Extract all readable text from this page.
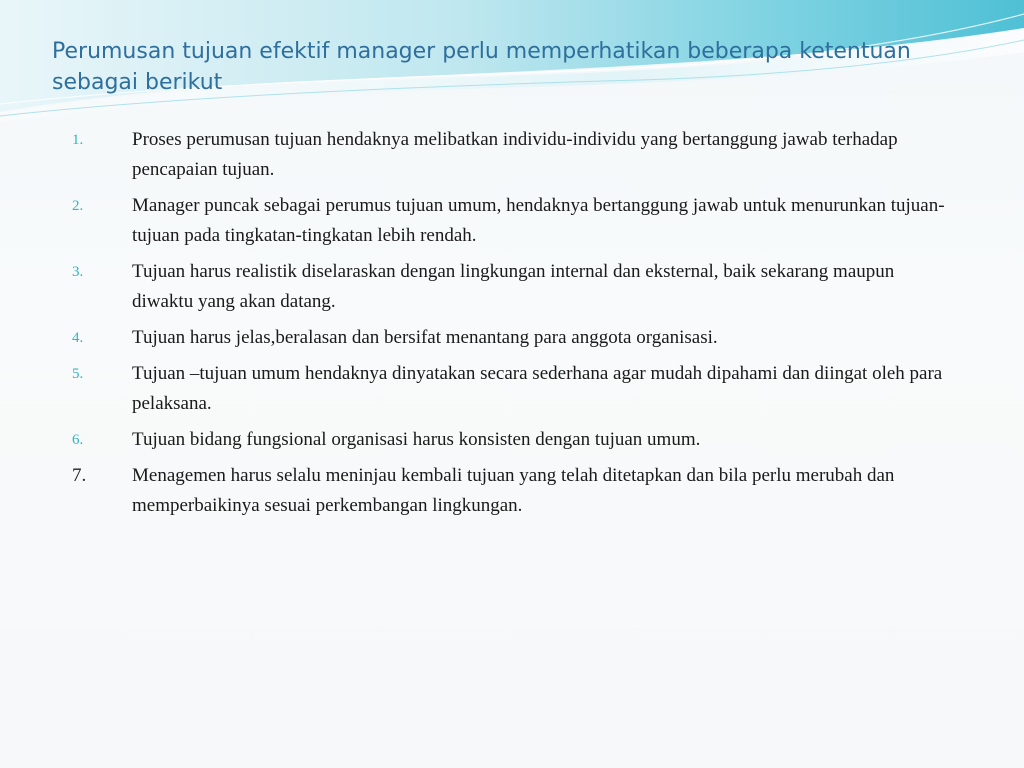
Perumusan tujuan efektif manager perlu memperhatikan beberapa ketentuan sebagai berikut
1.	Proses perumusan tujuan hendaknya melibatkan individu-individu yang bertanggung jawab terhadap pencapaian tujuan.
2.	Manager puncak sebagai perumus tujuan umum, hendaknya bertanggung jawab untuk menurunkan tujuan-tujuan pada tingkatan-tingkatan lebih rendah.
3.	Tujuan harus realistik diselaraskan dengan lingkungan internal dan eksternal, baik sekarang maupun diwaktu yang akan datang.
4.	Tujuan harus jelas,beralasan dan bersifat menantang para anggota organisasi.
5.	Tujuan –tujuan umum hendaknya dinyatakan secara sederhana agar mudah dipahami dan diingat oleh para pelaksana.
6.	Tujuan bidang fungsional organisasi harus konsisten dengan tujuan umum.
7.	Menagemen harus selalu meninjau kembali tujuan yang telah ditetapkan dan bila perlu merubah dan memperbaikinya sesuai perkembangan lingkungan.
